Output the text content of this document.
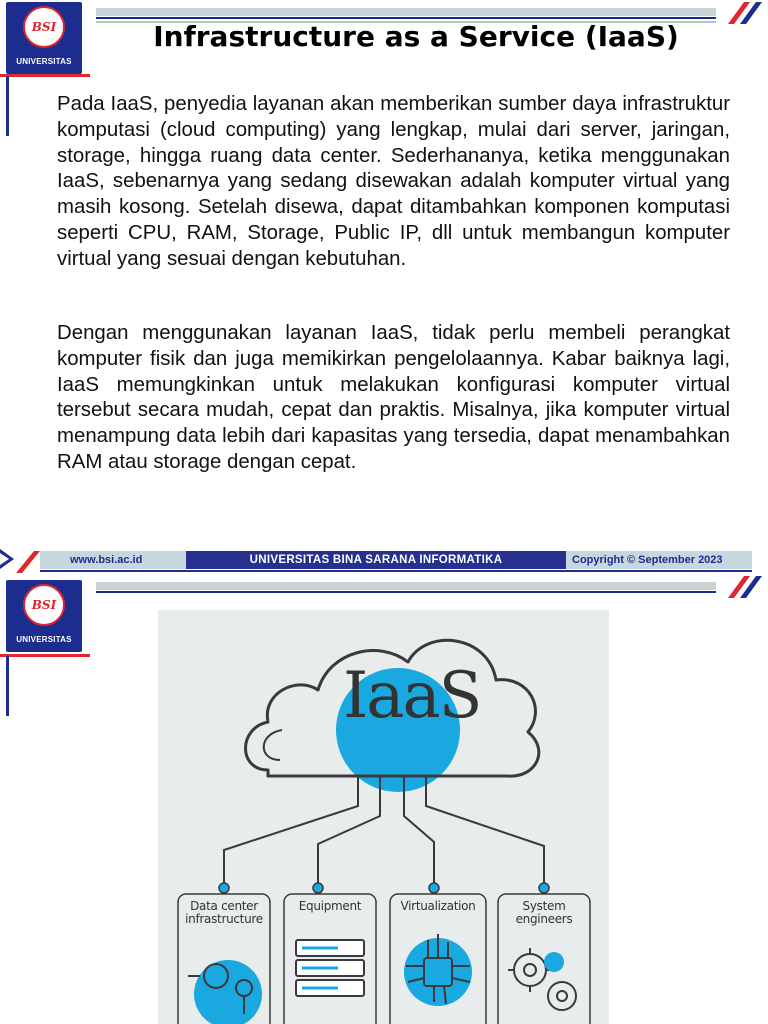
BSI
UNIVERSITAS
Infrastructure as a Service (IaaS)
Pada IaaS, penyedia layanan akan memberikan sumber daya infrastruktur komputasi (cloud computing) yang lengkap, mulai dari server, jaringan, storage, hingga ruang data center. Sederhananya, ketika menggunakan IaaS, sebenarnya yang sedang disewakan adalah komputer virtual yang masih kosong. Setelah disewa, dapat ditambahkan komponen komputasi seperti CPU, RAM, Storage, Public IP, dll untuk membangun komputer virtual yang sesuai dengan kebutuhan.
Dengan menggunakan layanan IaaS, tidak perlu membeli perangkat komputer fisik dan juga memikirkan pengelolaannya. Kabar baiknya lagi, IaaS memungkinkan untuk melakukan konfigurasi komputer virtual tersebut secara mudah, cepat dan praktis. Misalnya, jika komputer virtual menampung data lebih dari kapasitas yang tersedia, dapat menambahkan RAM atau storage dengan cepat.
www.bsi.ac.id	UNIVERSITAS BINA SARANA INFORMATIKA	Copyright © September 2023
BSI
UNIVERSITAS
IaaS
Data center
infrastructure
Equipment	Virtualization	System engineers
